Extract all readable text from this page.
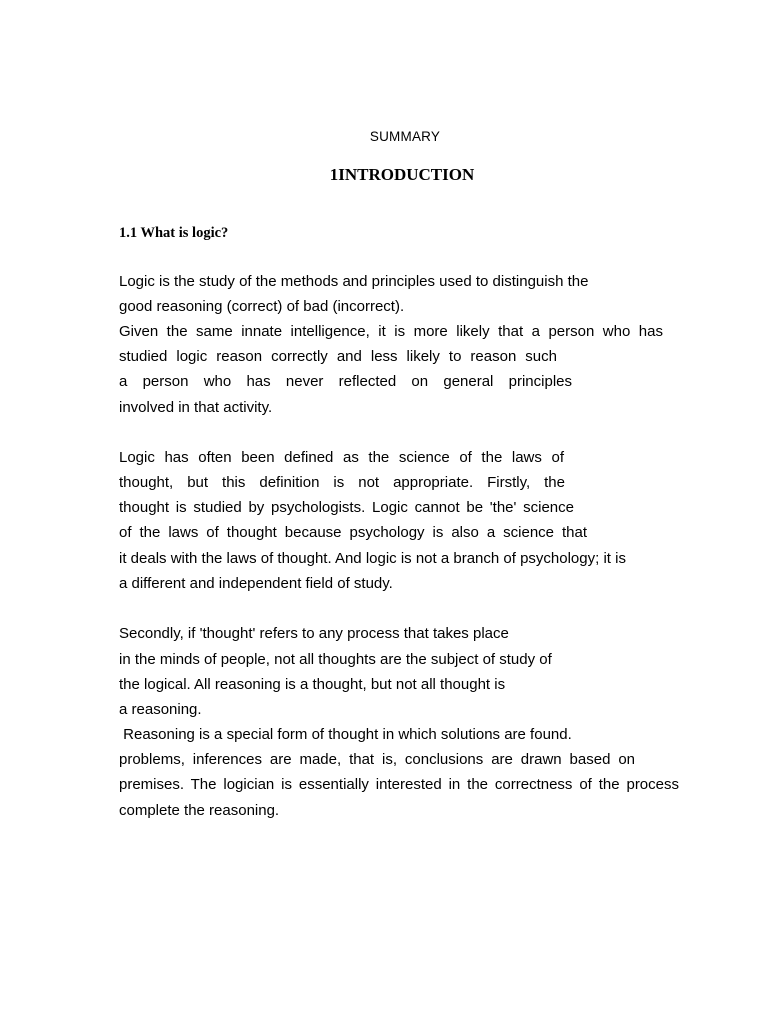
SUMMARY
1INTRODUCTION
1.1 What is logic?

Logic is the study of the methods and principles used to distinguish the

good reasoning (correct) of bad (incorrect).

Given the same innate intelligence, it is more likely that a person who has

studied logic reason correctly and less likely to reason such

a person who has never reflected on general principles

involved in that activity.

Logic has often been defined as the science of the laws of

thought, but this definition is not appropriate. Firstly, the

thought is studied by psychologists. Logic cannot be 'the' science

of the laws of thought because psychology is also a science that

it deals with the laws of thought. And logic is not a branch of psychology; it is

a different and independent field of study.

Secondly, if 'thought' refers to any process that takes place

in the minds of people, not all thoughts are the subject of study of

the logical. All reasoning is a thought, but not all thought is

a reasoning.

Reasoning is a special form of thought in which solutions are found.

problems, inferences are made, that is, conclusions are drawn based on

premises. The logician is essentially interested in the correctness of the process

complete the reasoning.
